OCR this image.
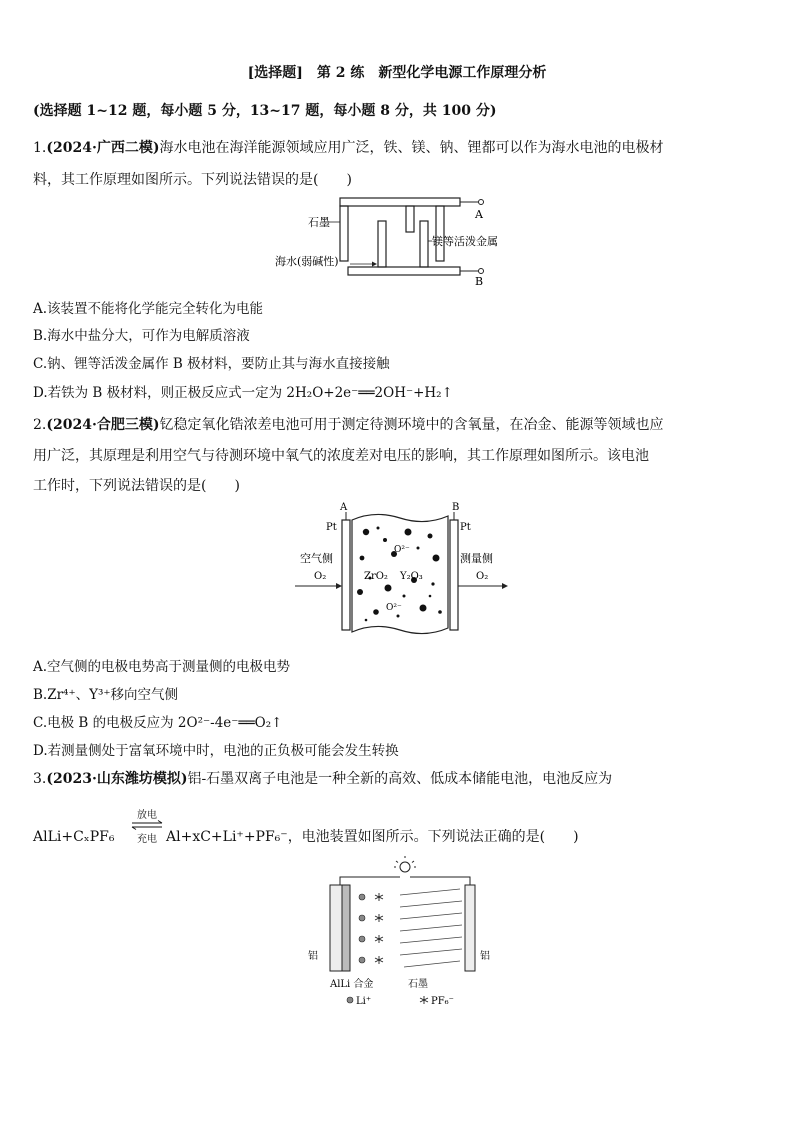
[选择题]　第 2 练　新型化学电源工作原理分析
(选择题 1~12 题，每小题 5 分，13~17 题，每小题 8 分，共 100 分)
1.(2024·广西二模)海水电池在海洋能源领域应用广泛，铁、镁、钠、锂都可以作为海水电池的电极材
料，其工作原理如图所示。下列说法错误的是(　　)
石墨
镁等活泼金属
海水(弱碱性)
A
B
A.该装置不能将化学能完全转化为电能
B.海水中盐分大，可作为电解质溶液
C.钠、锂等活泼金属作 B 极材料，要防止其与海水直接接触
D.若铁为 B 极材料，则正极反应式一定为 2H₂O+2e⁻══2OH⁻+H₂↑
2.(2024·合肥三模)钇稳定氧化锆浓差电池可用于测定待测环境中的含氧量，在冶金、能源等领域也应
用广泛，其原理是利用空气与待测环境中氧气的浓度差对电压的影响，其工作原理如图所示。该电池
工作时，下列说法错误的是(　　)
A	B
Pt	Pt
空气侧
O₂
测量侧
O₂
O²⁻
ZrO₂ Y₂O₃
O²⁻
A.空气侧的电极电势高于测量侧的电极电势
B.Zr⁴⁺、Y³⁺移向空气侧
C.电极 B 的电极反应为 2O²⁻-4e⁻══O₂↑
D.若测量侧处于富氧环境中时，电池的正负极可能会发生转换
3.(2023·山东潍坊模拟)铝-石墨双离子电池是一种全新的高效、低成本储能电池，电池反应为
AlLi+CₓPF₆
放电
充电 Al+xC+Li⁺+PF₆⁻，电池装置如图所示。下列说法正确的是(　　)
铝	铝
AlLi 合金	石墨
Li⁺	PF₆⁻
